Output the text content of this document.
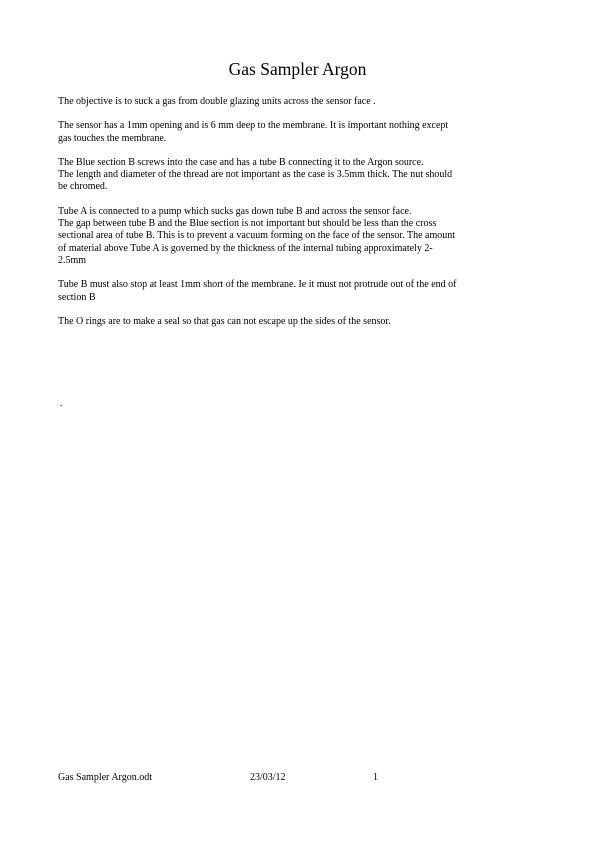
Gas Sampler Argon

The objective is to suck a gas from double glazing units across the sensor face .

The sensor has a 1mm opening and is 6 mm deep to the membrane. It is important nothing except
gas touches the membrane.

The Blue section B screws into the case and has a tube B connecting it to the Argon source.
The length and diameter of the thread are not important as the case is 3.5mm thick. The nut should
be chromed.

Tube A is connected to a pump which sucks gas down tube B and across the sensor face.
The gap between tube B and the Blue section is not important but should be less than the cross
sectional area of tube B. This is to prevent a vacuum forming on the face of the sensor. The amount
of material above Tube A is governed by the thickness of the internal tubing approximately 2-
2.5mm

Tube B must also stop at least 1mm short of the membrane. Ie it must not protrude out of the end of
section B

The O rings are to make a seal so that gas can not escape up the sides of the sensor.

.
Gas Sampler Argon.odt	23/03/12	1
